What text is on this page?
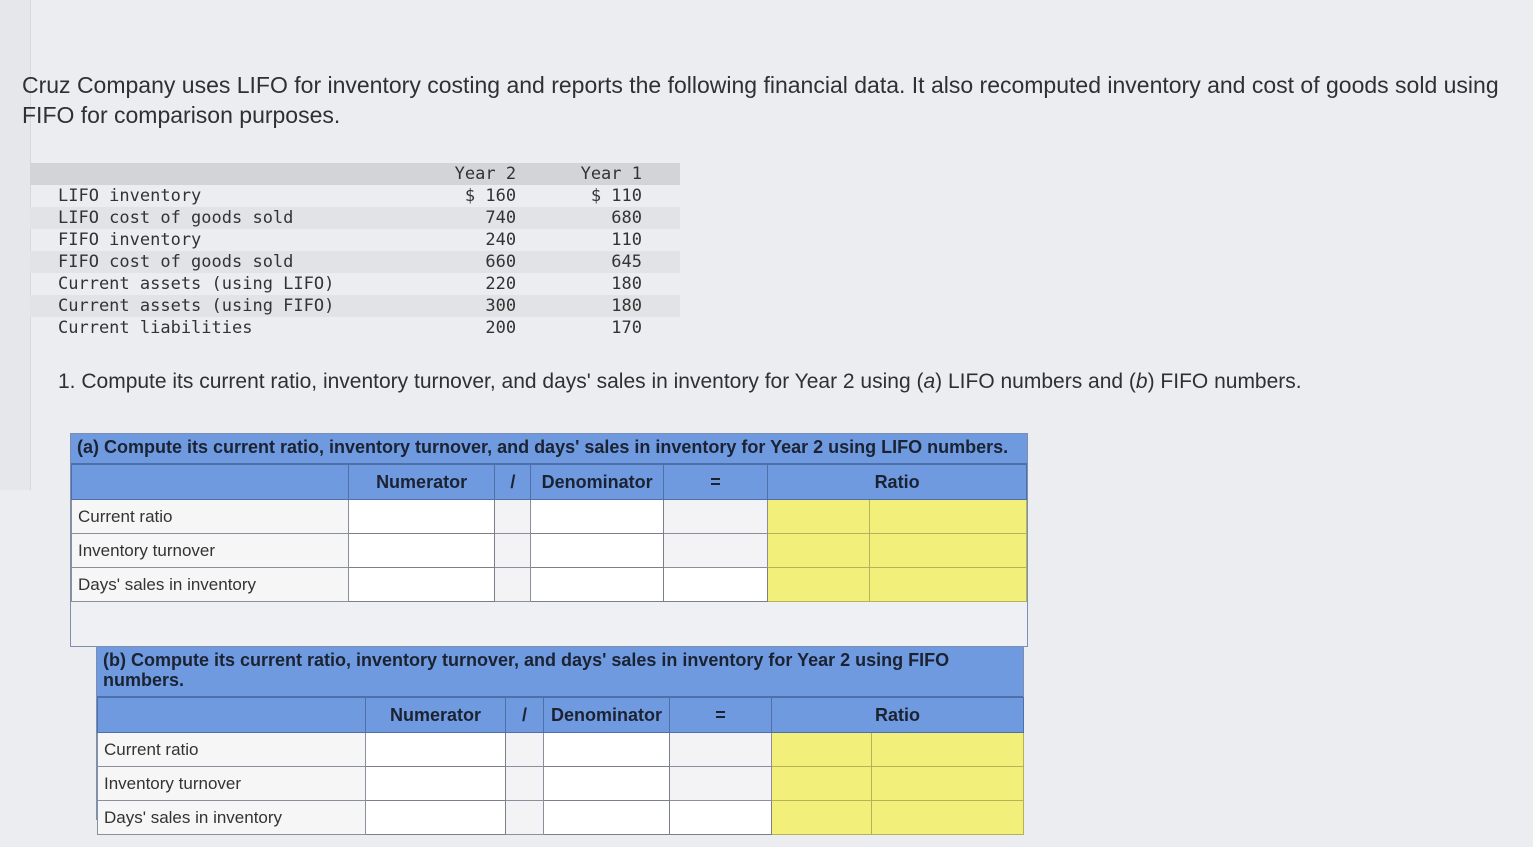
Cruz Company uses LIFO for inventory costing and reports the following financial data. It also recomputed inventory and cost of goods sold using FIFO for comparison purposes.
	Year 2	Year 1
LIFO inventory	$ 160	$ 110
LIFO cost of goods sold	740	680
FIFO inventory	240	110
FIFO cost of goods sold	660	645
Current assets (using LIFO)	220	180
Current assets (using FIFO)	300	180
Current liabilities	200	170
1. Compute its current ratio, inventory turnover, and days' sales in inventory for Year 2 using (a) LIFO numbers and (b) FIFO numbers.
(a) Compute its current ratio, inventory turnover, and days' sales in inventory for Year 2 using LIFO numbers.
	Numerator	/	Denominator	=	Ratio	
Current ratio						
Inventory turnover						
Days' sales in inventory						
(b) Compute its current ratio, inventory turnover, and days' sales in inventory for Year 2 using FIFO numbers.
	Numerator	/	Denominator	=	Ratio	
Current ratio						
Inventory turnover						
Days' sales in inventory						
